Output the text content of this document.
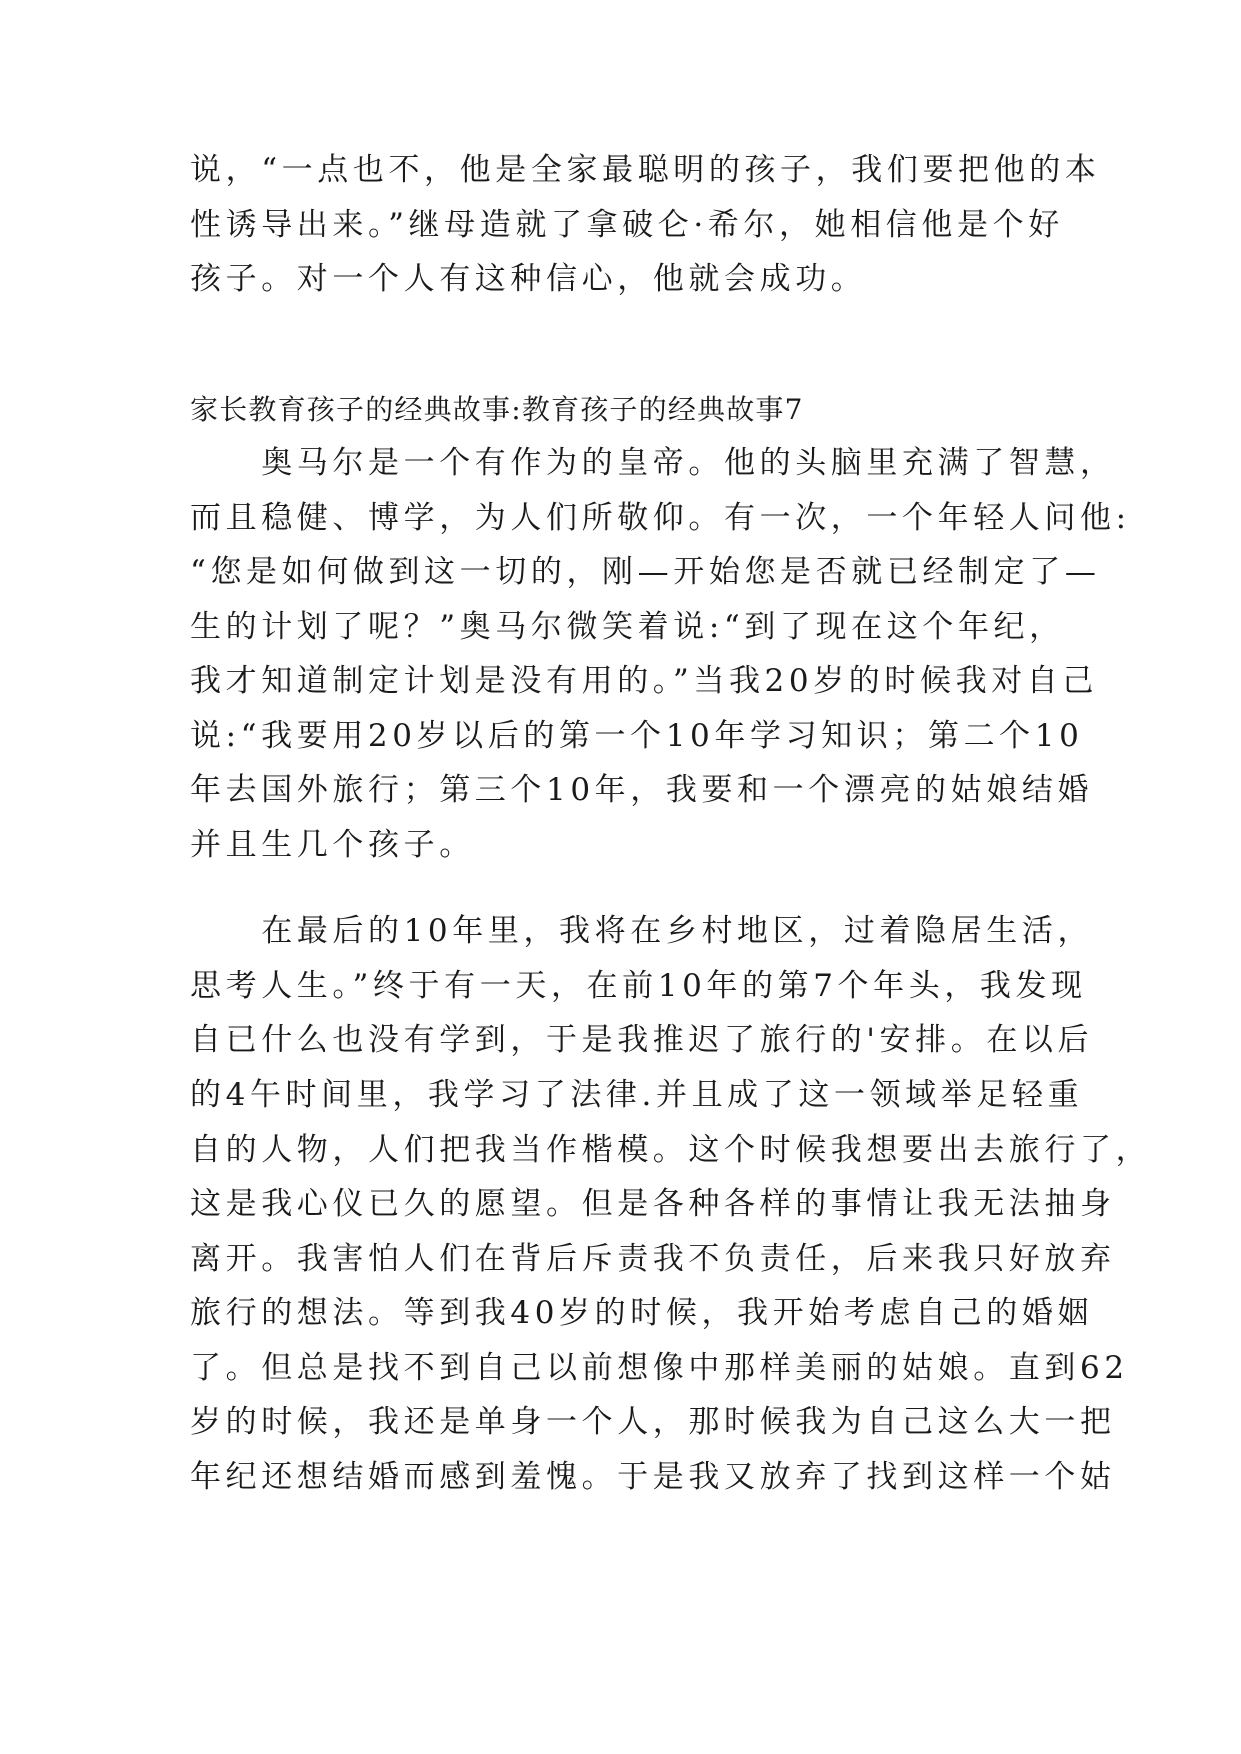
说，“一点也不，他是全家最聪明的孩子，我们要把他的本
性诱导出来。”继母造就了拿破仑·希尔，她相信他是个好
孩子。对一个人有这种信心，他就会成功。
家长教育孩子的经典故事:教育孩子的经典故事7
　　奥马尔是一个有作为的皇帝。他的头脑里充满了智慧，
而且稳健、博学，为人们所敬仰。有一次，一个年轻人问他:
“您是如何做到这一切的，刚—开始您是否就已经制定了—
生的计划了呢？”奥马尔微笑着说:“到了现在这个年纪，
我才知道制定计划是没有用的。”当我20岁的时候我对自己
说:“我要用20岁以后的第一个10年学习知识；第二个10
年去国外旅行；第三个10年，我要和一个漂亮的姑娘结婚
并且生几个孩子。
　　在最后的10年里，我将在乡村地区，过着隐居生活，
思考人生。”终于有一天，在前10年的第7个年头，我发现
自已什么也没有学到，于是我推迟了旅行的'安排。在以后
的4午时间里，我学习了法律.并且成了这一领域举足轻重
自的人物，人们把我当作楷模。这个时候我想要出去旅行了，
这是我心仪已久的愿望。但是各种各样的事情让我无法抽身
离开。我害怕人们在背后斥责我不负责任，后来我只好放弃
旅行的想法。等到我40岁的时候，我开始考虑自己的婚姻
了。但总是找不到自己以前想像中那样美丽的姑娘。直到62
岁的时候，我还是单身一个人，那时候我为自己这么大一把
年纪还想结婚而感到羞愧。于是我又放弃了找到这样一个姑
